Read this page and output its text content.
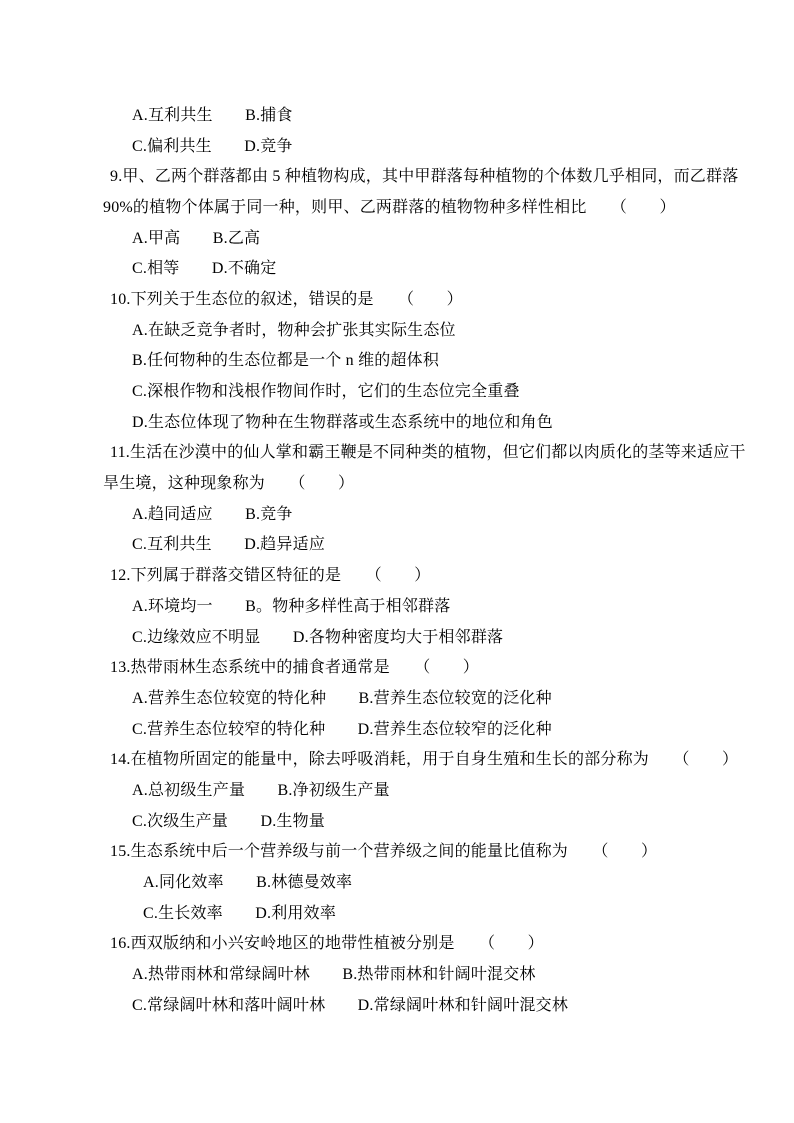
A.互利共生　　B.捕食
C.偏利共生　　D.竞争
9.甲、乙两个群落都由 5 种植物构成，其中甲群落每种植物的个体数几乎相同，而乙群落
90%的植物个体属于同一种，则甲、乙两群落的植物物种多样性相比　　（　　）
A.甲高　　B.乙高
C.相等　　D.不确定
10.下列关于生态位的叙述，错误的是　　（　　）
A.在缺乏竞争者时，物种会扩张其实际生态位
B.任何物种的生态位都是一个 n 维的超体积
C.深根作物和浅根作物间作时，它们的生态位完全重叠
D.生态位体现了物种在生物群落或生态系统中的地位和角色
11.生活在沙漠中的仙人掌和霸王鞭是不同种类的植物，但它们都以肉质化的茎等来适应干
旱生境，这种现象称为　　（　　）
A.趋同适应　　B.竞争
C.互利共生　　D.趋异适应
12.下列属于群落交错区特征的是　　（　　）
A.环境均一　　B。物种多样性高于相邻群落
C.边缘效应不明显　　D.各物种密度均大于相邻群落
13.热带雨林生态系统中的捕食者通常是　　（　　）
A.营养生态位较宽的特化种　　B.营养生态位较宽的泛化种
C.营养生态位较窄的特化种　　D.营养生态位较窄的泛化种
14.在植物所固定的能量中，除去呼吸消耗，用于自身生殖和生长的部分称为　　（　　）
A.总初级生产量　　B.净初级生产量
C.次级生产量　　D.生物量
15.生态系统中后一个营养级与前一个营养级之间的能量比值称为　　（　　）
A.同化效率　　B.林德曼效率
C.生长效率　　D.利用效率
16.西双版纳和小兴安岭地区的地带性植被分别是　　（　　）
A.热带雨林和常绿阔叶林　　B.热带雨林和针阔叶混交林
C.常绿阔叶林和落叶阔叶林　　D.常绿阔叶林和针阔叶混交林
